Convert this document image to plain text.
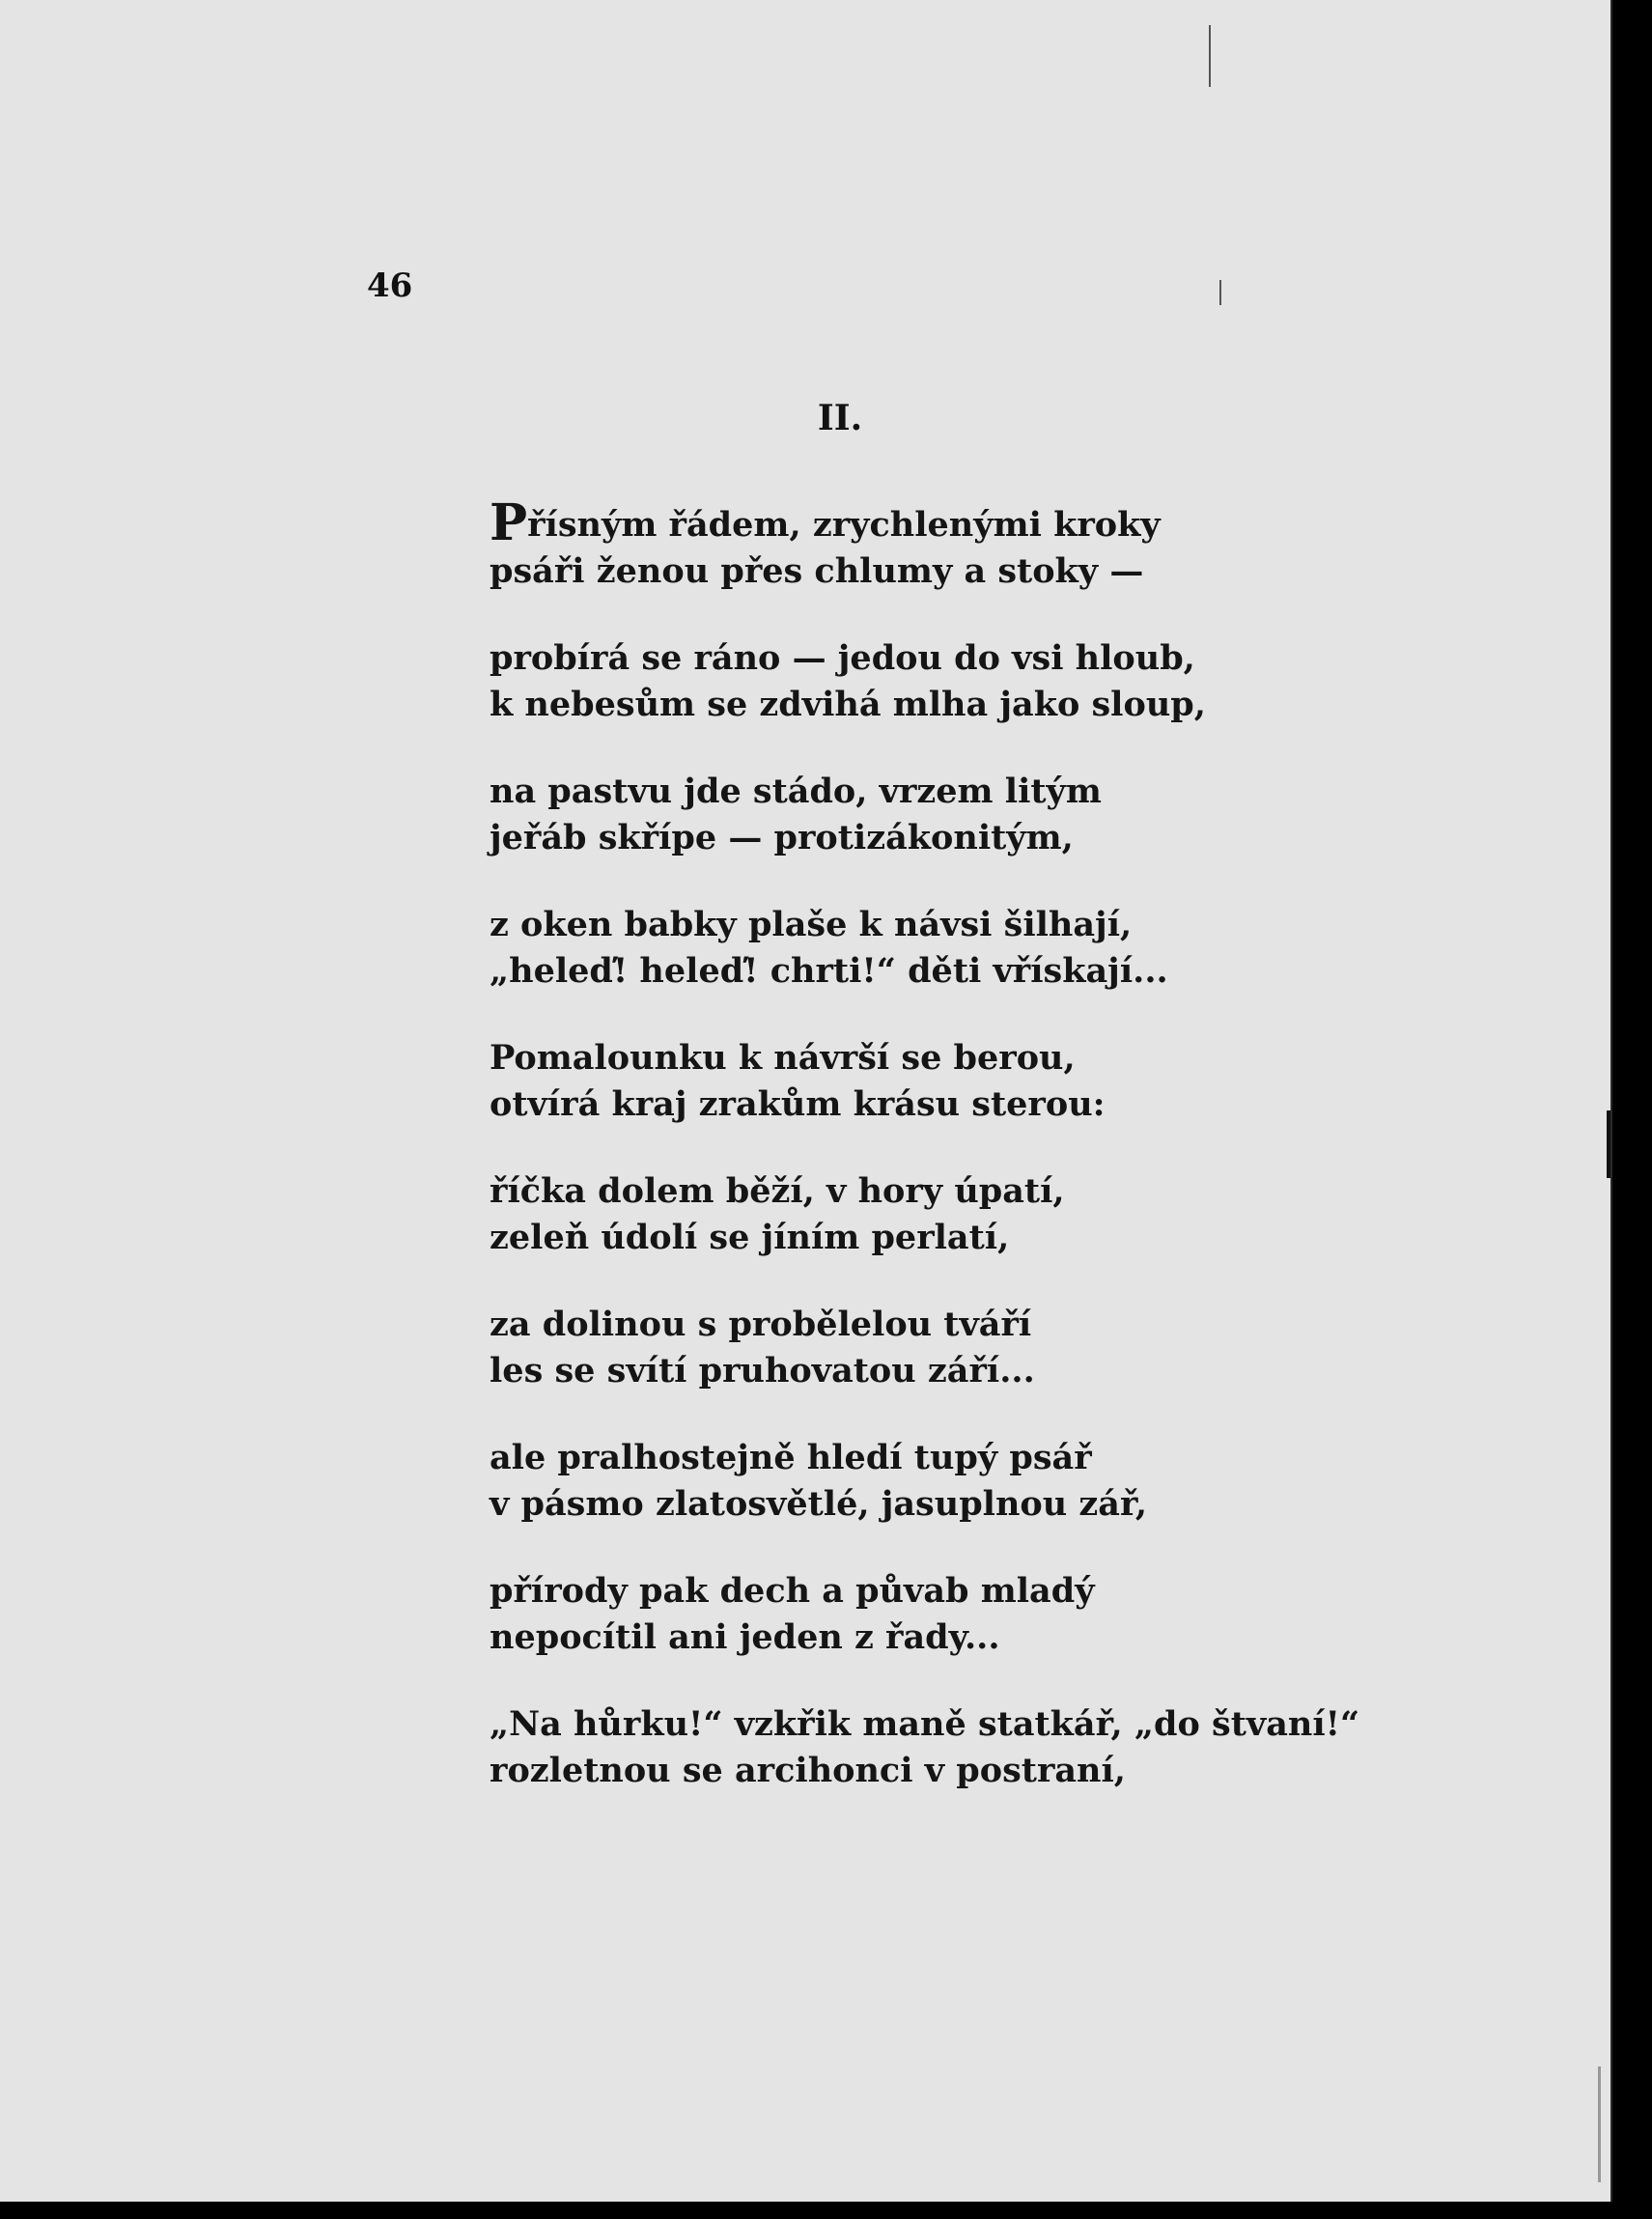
46

II.

Přísným řádem, zrychlenými kroky
psáři ženou přes chlumy a stoky —

probírá se ráno — jedou do vsi hloub,
k nebesům se zdvihá mlha jako sloup,

na pastvu jde stádo, vrzem litým
jeřáb skřípe — protizákonitým,

z oken babky plaše k návsi šilhají,
„heleď! heleď! chrti!“ děti vřískají...

Pomalounku k návrší se berou,
otvírá kraj zrakům krásu sterou:

říčka dolem běží, v hory úpatí,
zeleň údolí se jíním perlatí,

za dolinou s probělelou tváří
les se svítí pruhovatou září...

ale pralhostejně hledí tupý psář
v pásmo zlatosvětlé, jasuplnou zář,

přírody pak dech a půvab mladý
nepocítil ani jeden z řady...

„Na hůrku!“ vzkřik maně statkář, „do štvaní!“
rozletnou se arcihonci v postraní,
